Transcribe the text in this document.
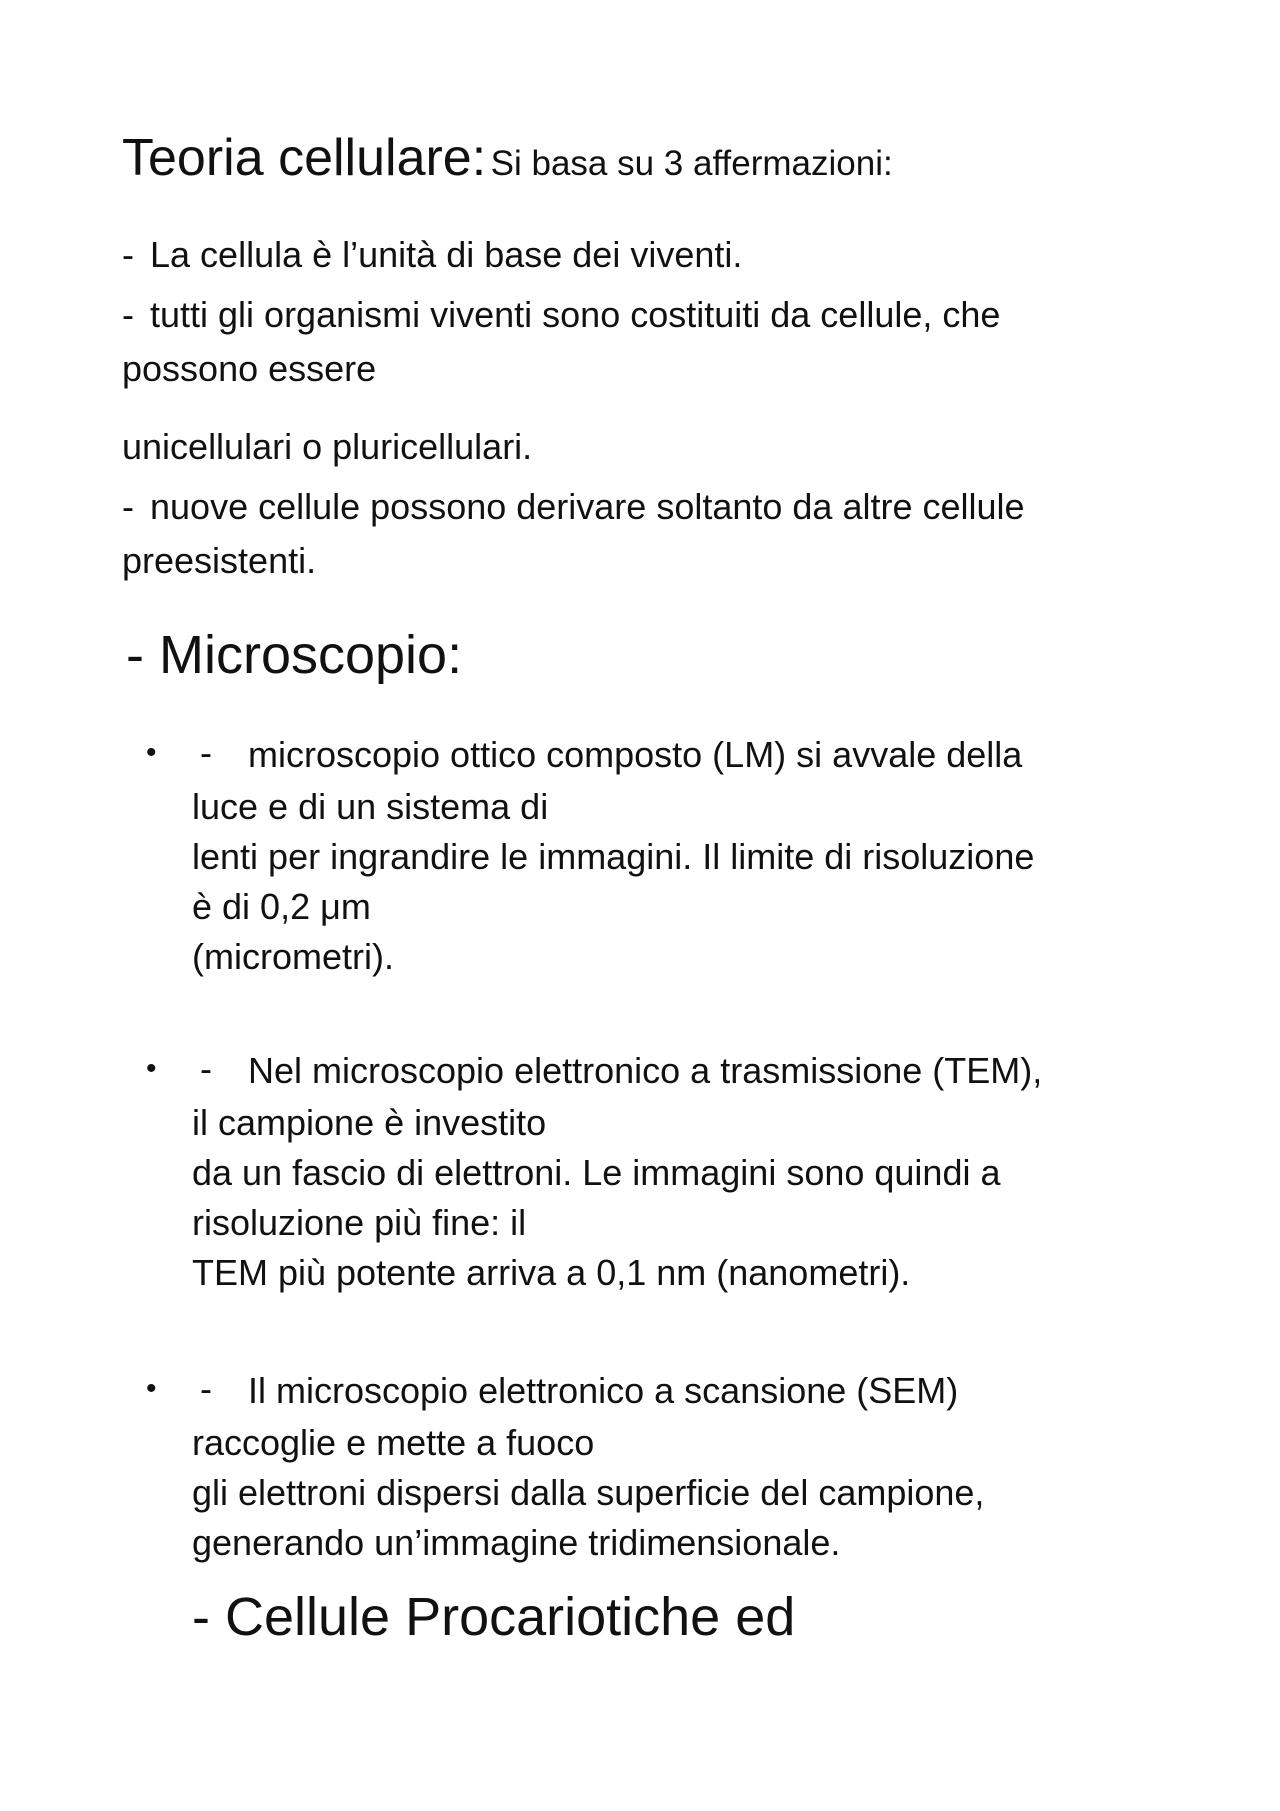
Teoria cellulare: Si basa su 3 affermazioni:

- La cellula è l’unità di base dei viventi.

- tutti gli organismi viventi sono costituiti da cellule, che

possono essere

unicellulari o pluricellulari.

- nuove cellule possono derivare soltanto da altre cellule

preesistenti.

- Microscopio:

• - microscopio ottico composto (LM) si avvale della

luce e di un sistema di

lenti per ingrandire le immagini. Il limite di risoluzione

è di 0,2 μm

(micrometri).

• - Nel microscopio elettronico a trasmissione (TEM),

il campione è investito

da un fascio di elettroni. Le immagini sono quindi a

risoluzione più fine: il

TEM più potente arriva a 0,1 nm (nanometri).

• - Il microscopio elettronico a scansione (SEM)

raccoglie e mette a fuoco

gli elettroni dispersi dalla superficie del campione,

generando un’immagine tridimensionale.

- Cellule Procariotiche ed
